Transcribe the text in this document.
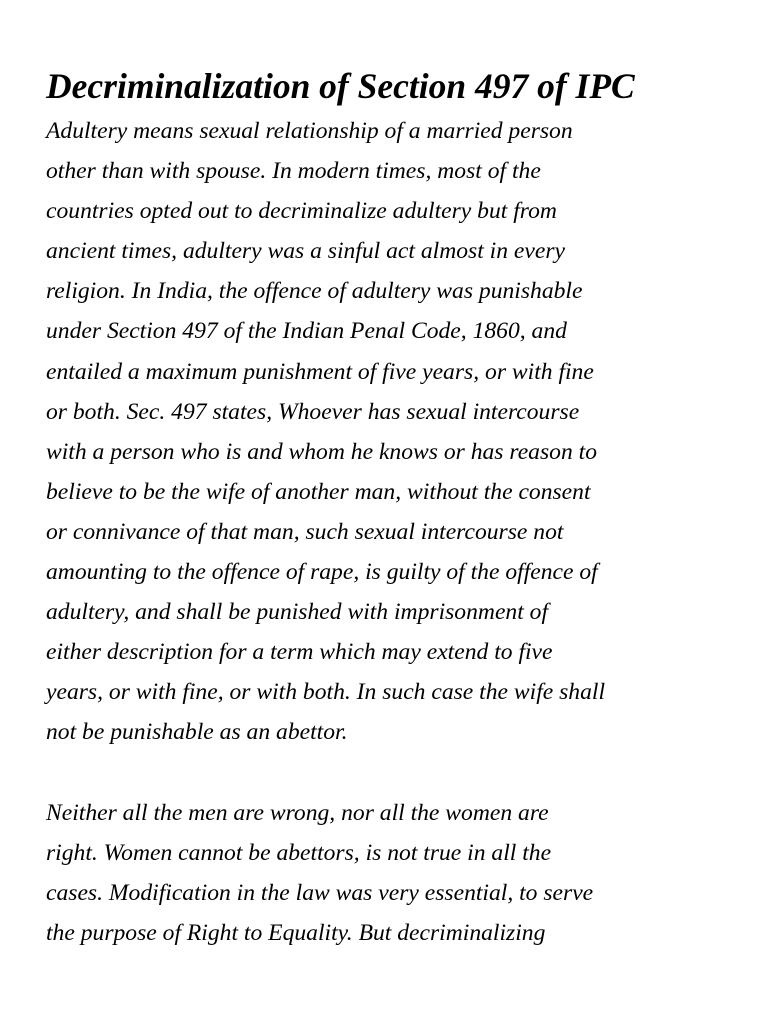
Decriminalization of Section 497 of IPC

Adultery means sexual relationship of a married person
other than with spouse. In modern times, most of the
countries opted out to decriminalize adultery but from
ancient times, adultery was a sinful act almost in every
religion. In India, the offence of adultery was punishable
under Section 497 of the Indian Penal Code, 1860, and
entailed a maximum punishment of five years, or with fine
or both. Sec. 497 states, Whoever has sexual intercourse
with a person who is and whom he knows or has reason to
believe to be the wife of another man, without the consent
or connivance of that man, such sexual intercourse not
amounting to the offence of rape, is guilty of the offence of
adultery, and shall be punished with imprisonment of
either description for a term which may extend to five
years, or with fine, or with both. In such case the wife shall
not be punishable as an abettor.

Neither all the men are wrong, nor all the women are
right. Women cannot be abettors, is not true in all the
cases. Modification in the law was very essential, to serve
the purpose of Right to Equality. But decriminalizing
